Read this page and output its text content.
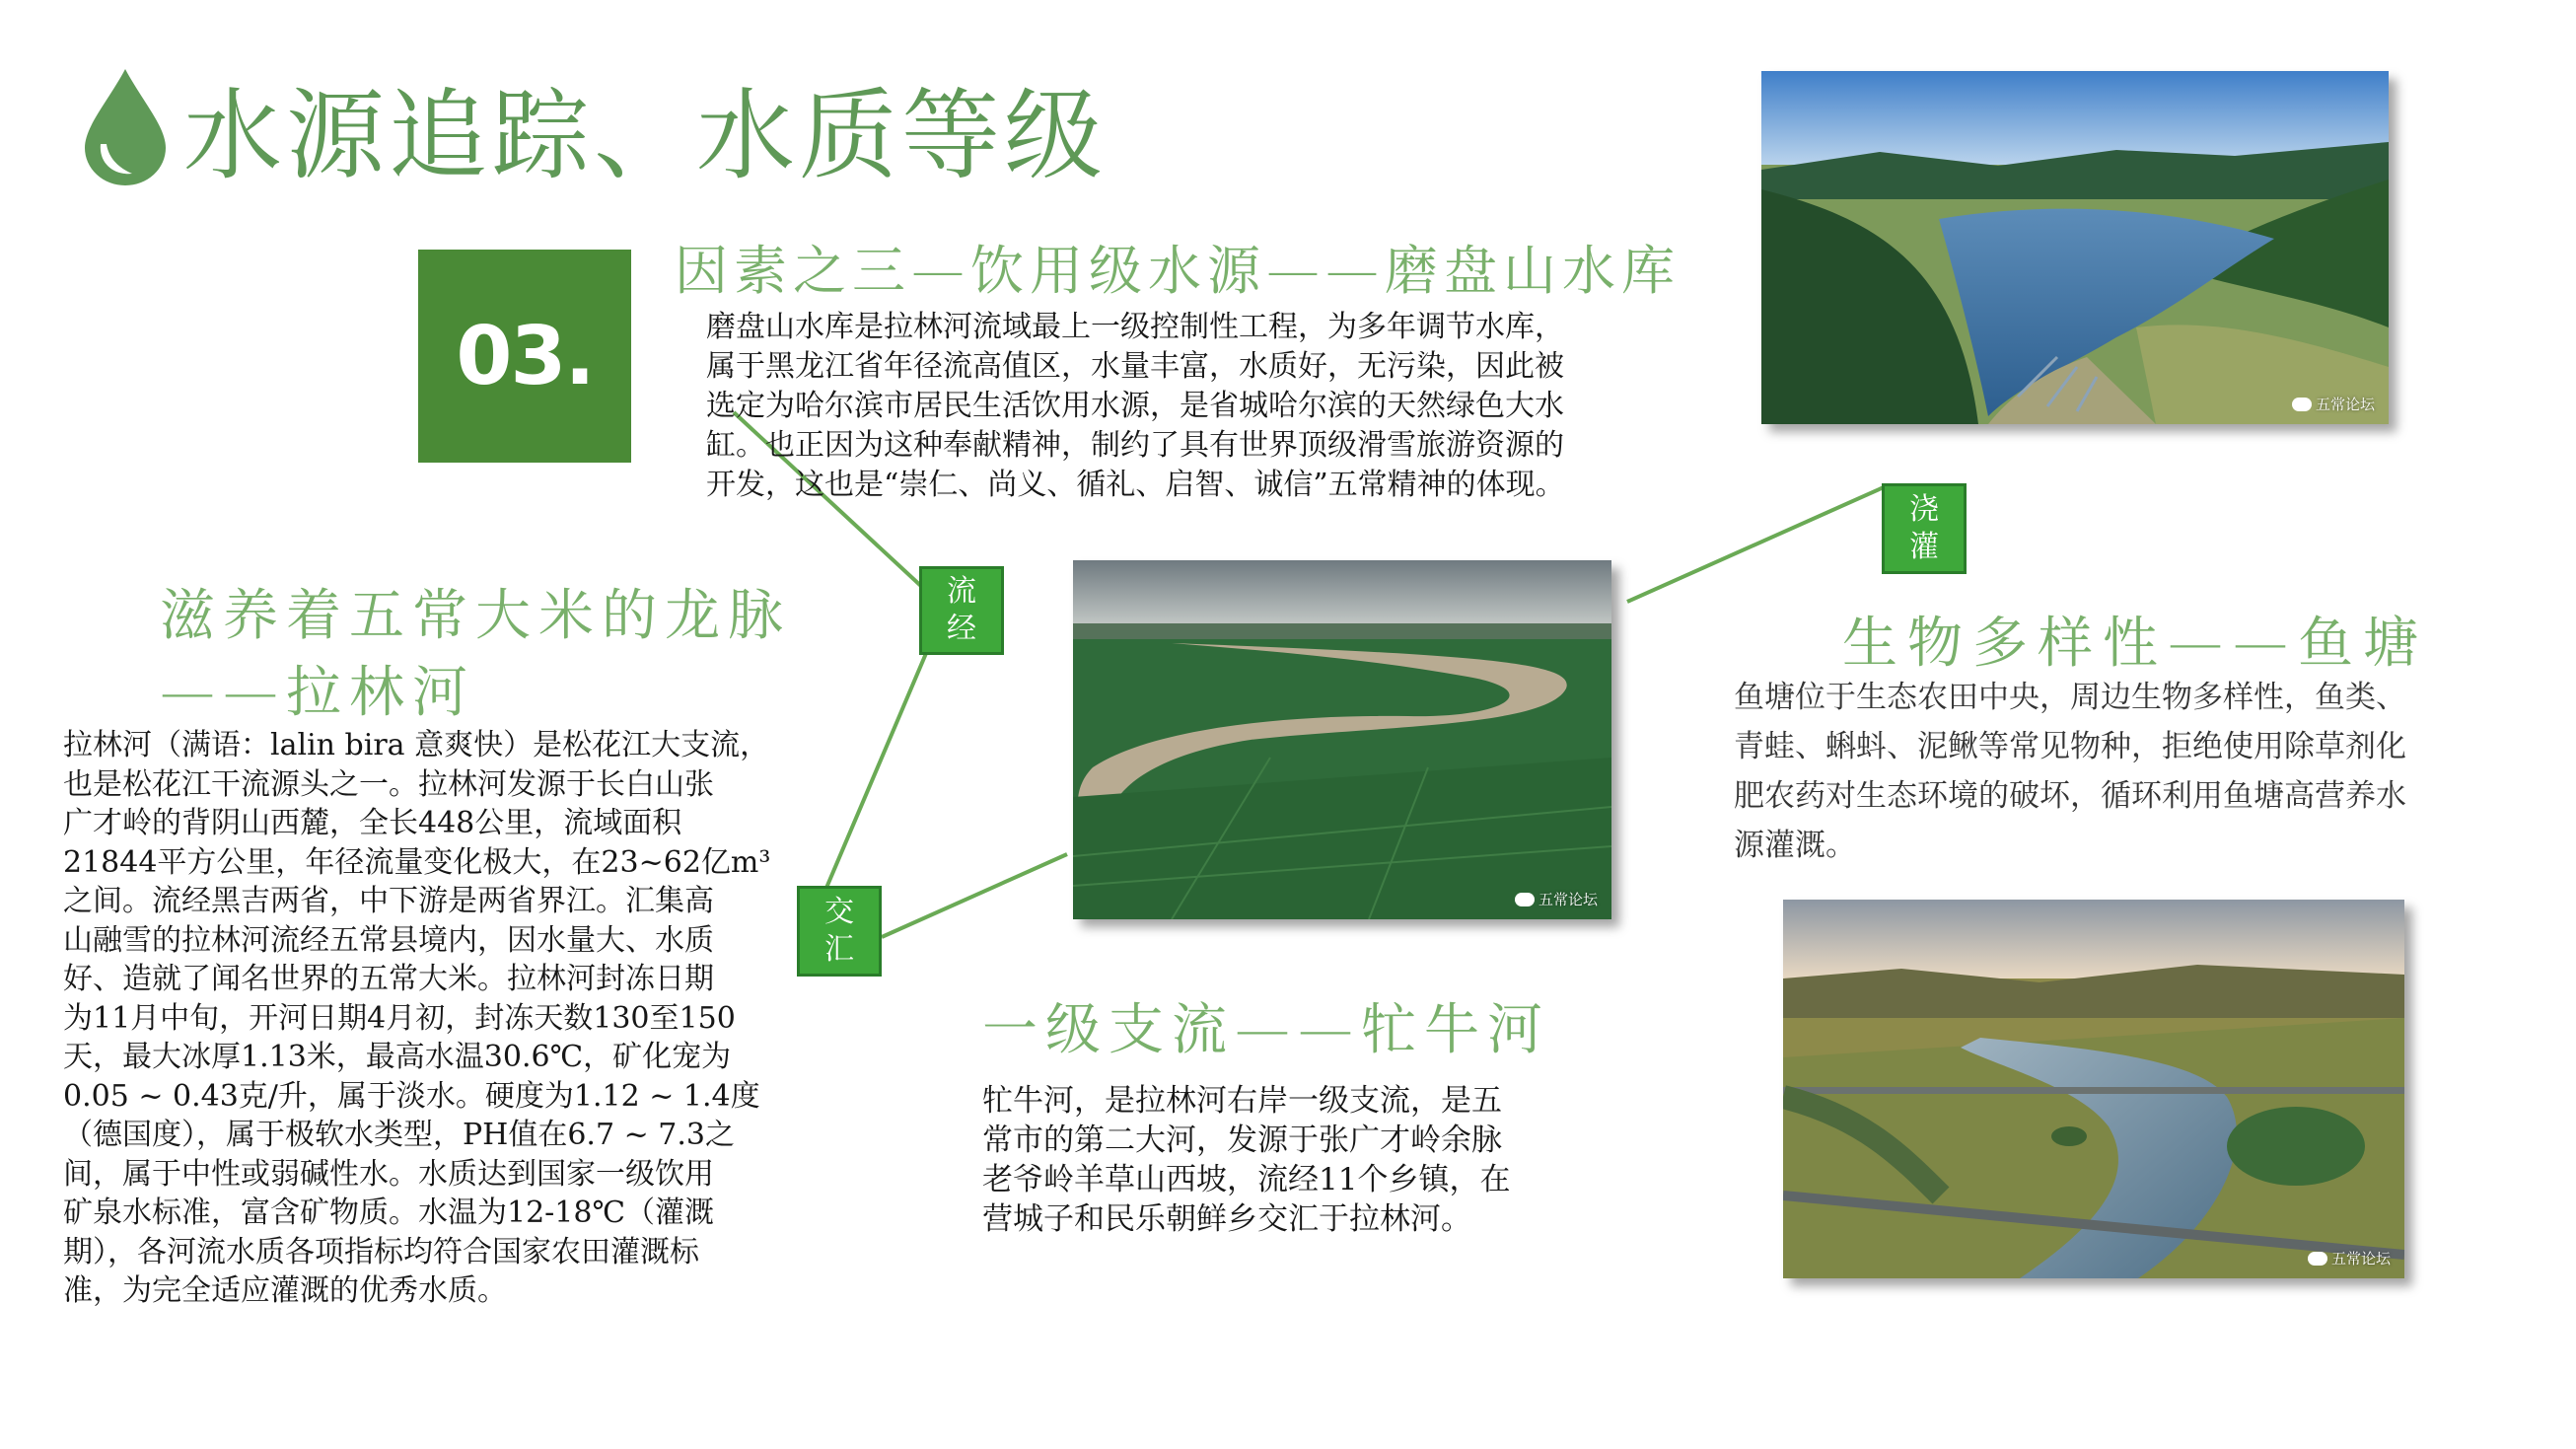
水源追踪、水质等级
03.
因素之三—饮用级水源——磨盘山水库
磨盘山水库是拉林河流域最上一级控制性工程，为多年调节水库，
属于黑龙江省年径流高值区，水量丰富，水质好，无污染，因此被
选定为哈尔滨市居民生活饮用水源，是省城哈尔滨的天然绿色大水
缸。也正因为这种奉献精神，制约了具有世界顶级滑雪旅游资源的
开发，这也是“崇仁、尚义、循礼、启智、诚信”五常精神的体现。
滋养着五常大米的龙脉
——拉林河
拉林河（满语：lalin bira 意爽快）是松花江大支流，
也是松花江干流源头之一。拉林河发源于长白山张
广才岭的背阴山西麓，全长448公里，流域面积
21844平方公里，年径流量变化极大，在23~62亿m³
之间。流经黑吉两省，中下游是两省界江。汇集高
山融雪的拉林河流经五常县境内，因水量大、水质
好、造就了闻名世界的五常大米。拉林河封冻日期
为11月中旬，开河日期4月初，封冻天数130至150
天，最大冰厚1.13米，最高水温30.6℃，矿化宠为
0.05 ~ 0.43克/升，属于淡水。硬度为1.12 ~ 1.4度
（德国度），属于极软水类型，PH值在6.7 ~ 7.3之
间，属于中性或弱碱性水。水质达到国家一级饮用
矿泉水标准，富含矿物质。水温为12-18℃（灌溉
期），各河流水质各项指标均符合国家农田灌溉标
准，为完全适应灌溉的优秀水质。
生物多样性——鱼塘
鱼塘位于生态农田中央，周边生物多样性，鱼类、
青蛙、蝌蚪、泥鳅等常见物种，拒绝使用除草剂化
肥农药对生态环境的破坏，循环利用鱼塘高营养水
源灌溉。
一级支流——牤牛河
牤牛河，是拉林河右岸一级支流，是五
常市的第二大河，发源于张广才岭余脉
老爷岭羊草山西坡，流经11个乡镇，在
营城子和民乐朝鲜乡交汇于拉林河。
五常论坛
五常论坛
五常论坛
流
经
交
汇
浇
灌
